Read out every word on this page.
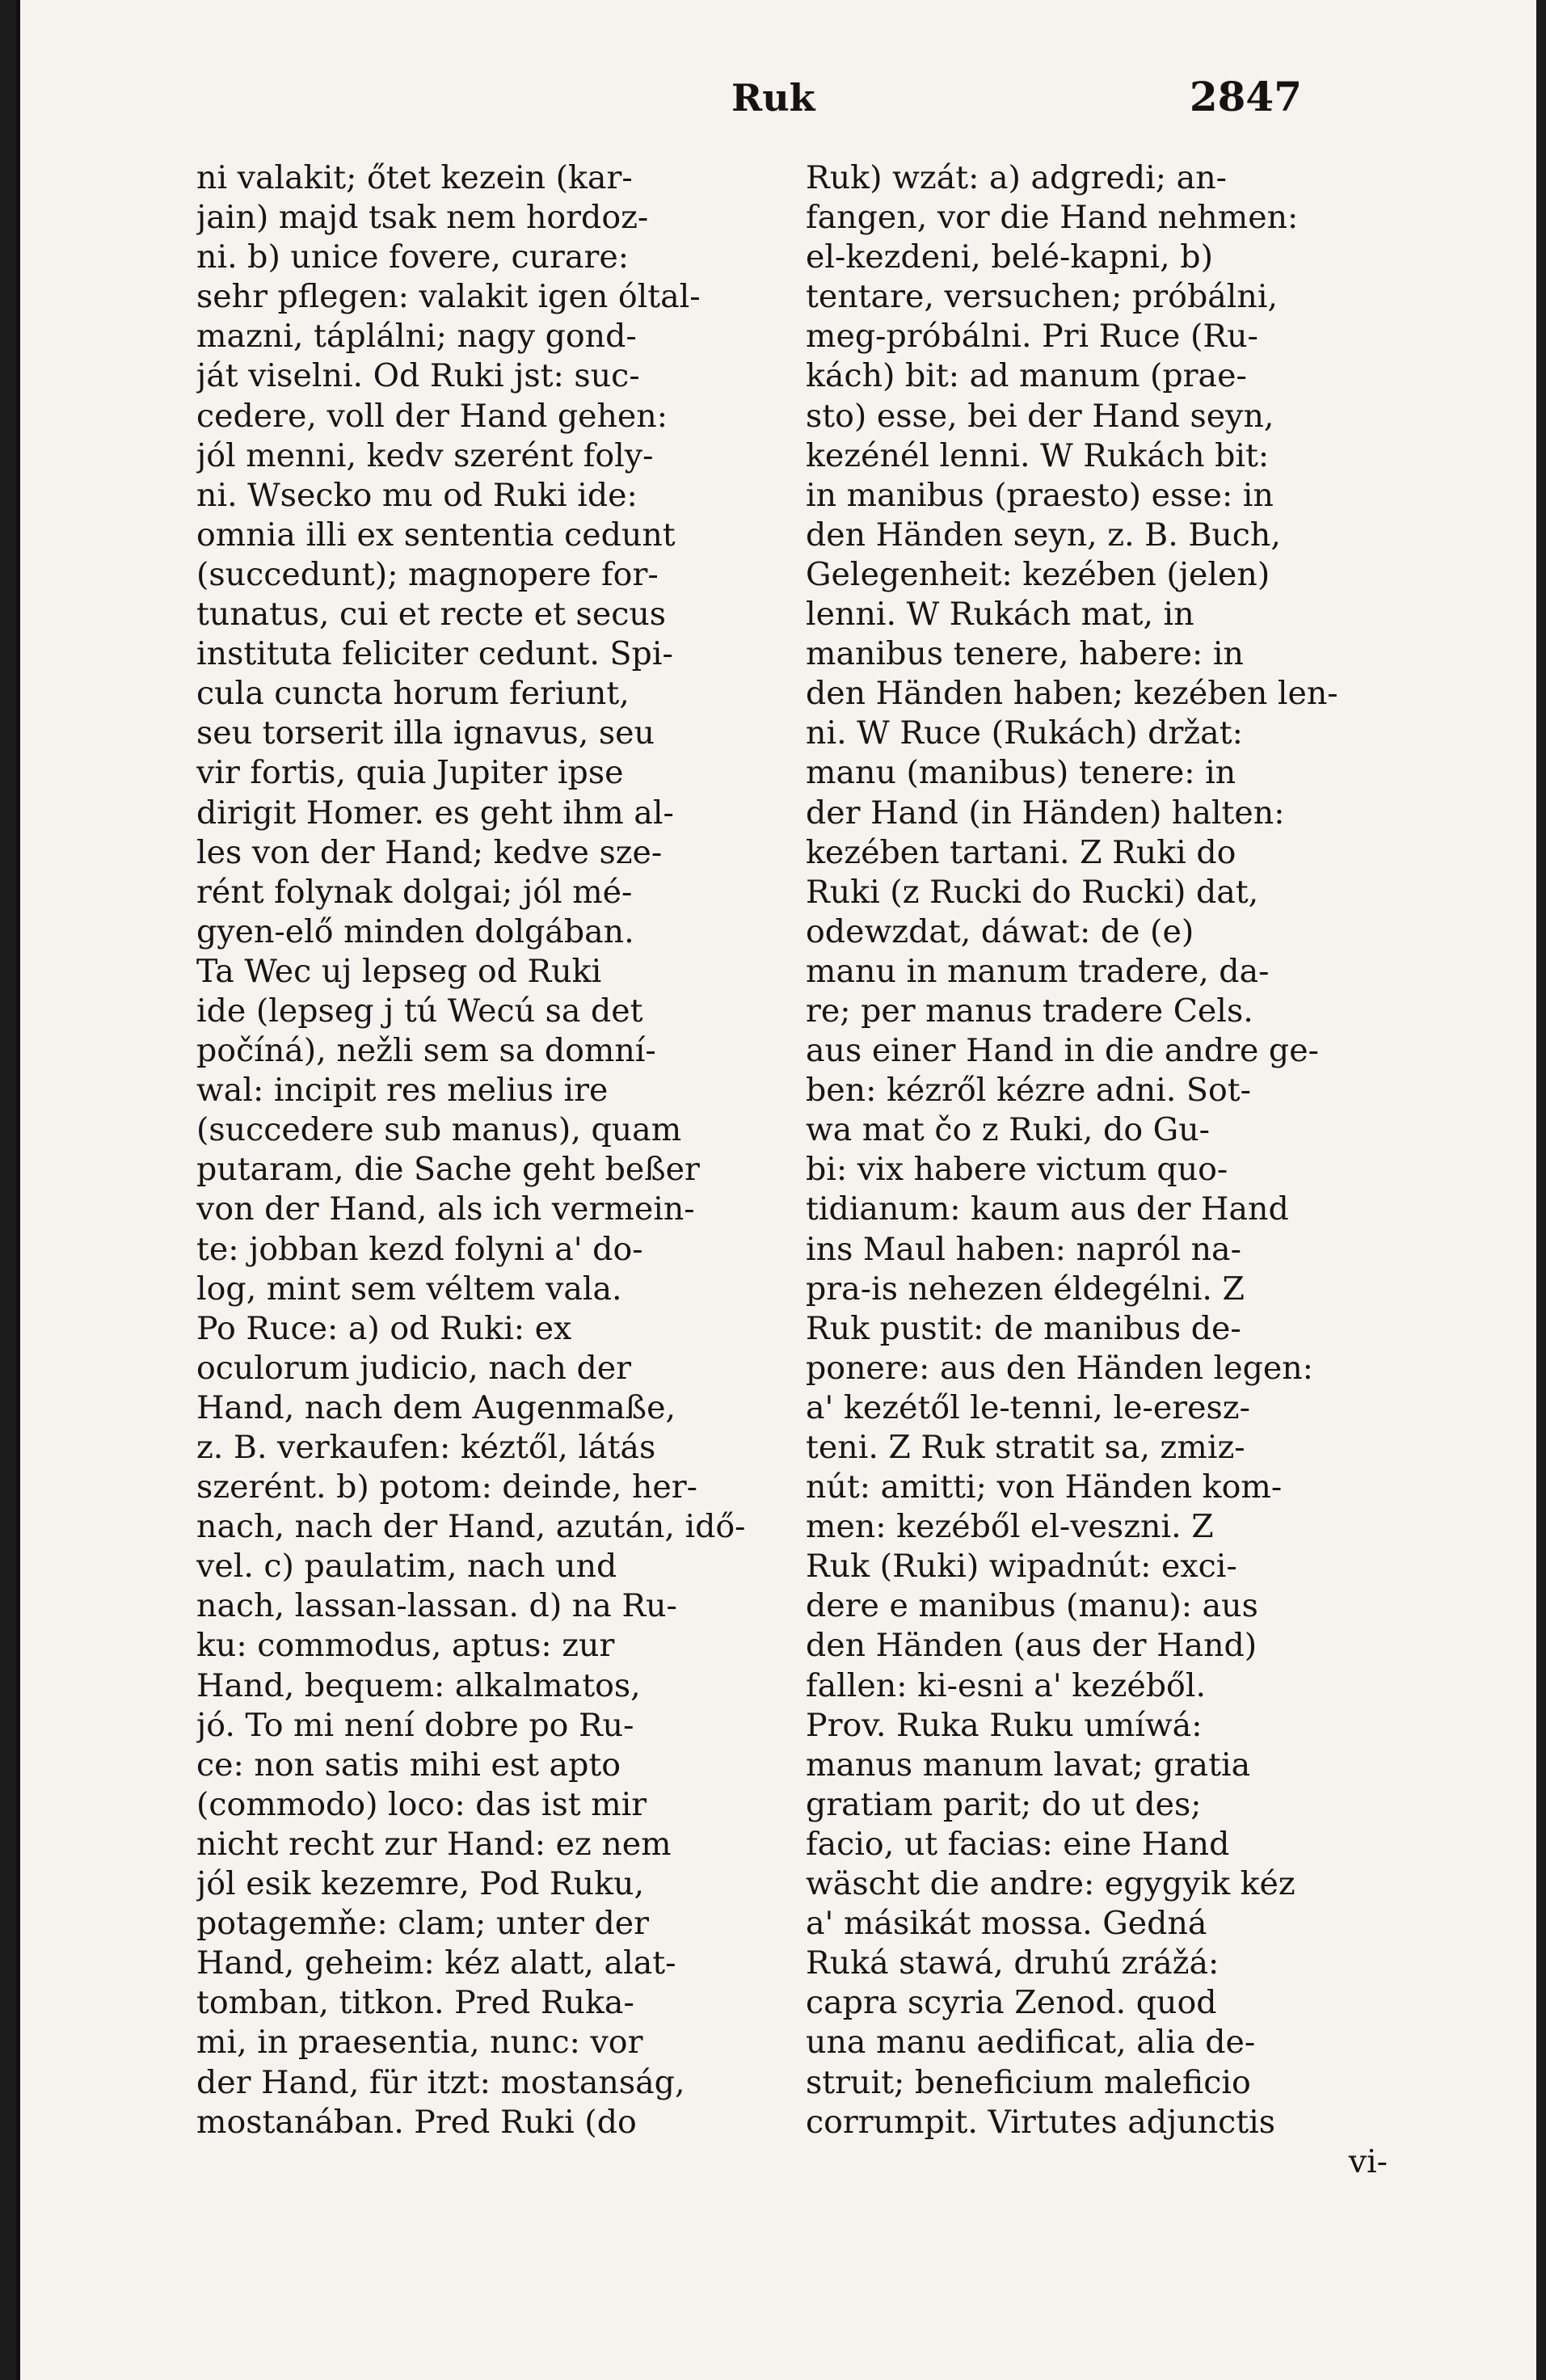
Ruk	2847
ni valakit; őtet kezein (kar-
jain) majd tsak nem hordoz-
ni. b) unice fovere, curare:
sehr pflegen: valakit igen óltal-
mazni, táplálni; nagy gond-
ját viselni. Od Ruki jst: suc-
cedere, voll der Hand gehen:
jól menni, kedv szerént foly-
ni. Wsecko mu od Ruki ide:
omnia illi ex sententia cedunt
(succedunt); magnopere for-
tunatus, cui et recte et secus
instituta feliciter cedunt. Spi-
cula cuncta horum feriunt,
seu torserit illa ignavus, seu
vir fortis, quia Jupiter ipse
dirigit Homer. es geht ihm al-
les von der Hand; kedve sze-
rént folynak dolgai; jól mé-
gyen-elő minden dolgában.
Ta Wec uj lepseg od Ruki
ide (lepseg j tú Wecú sa det
počíná), nežli sem sa domní-
wal: incipit res melius ire
(succedere sub manus), quam
putaram, die Sache geht beßer
von der Hand, als ich vermein-
te: jobban kezd folyni a' do-
log, mint sem véltem vala.
Po Ruce: a) od Ruki: ex
oculorum judicio, nach der
Hand, nach dem Augenmaße,
z. B. verkaufen: kéztől, látás
szerént. b) potom: deinde, her-
nach, nach der Hand, azután, idő-
vel. c) paulatim, nach und
nach, lassan-lassan. d) na Ru-
ku: commodus, aptus: zur
Hand, bequem: alkalmatos,
jó. To mi není dobre po Ru-
ce: non satis mihi est apto
(commodo) loco: das ist mir
nicht recht zur Hand: ez nem
jól esik kezemre, Pod Ruku,
potagemňe: clam; unter der
Hand, geheim: kéz alatt, alat-
tomban, titkon. Pred Ruka-
mi, in praesentia, nunc: vor
der Hand, für itzt: mostanság,
mostanában. Pred Ruki (do
Ruk) wzát: a) adgredi; an-
fangen, vor die Hand nehmen:
el-kezdeni, belé-kapni, b)
tentare, versuchen; próbálni,
meg-próbálni. Pri Ruce (Ru-
kách) bit: ad manum (prae-
sto) esse, bei der Hand seyn,
kezénél lenni. W Rukách bit:
in manibus (praesto) esse: in
den Händen seyn, z. B. Buch,
Gelegenheit: kezében (jelen)
lenni. W Rukách mat, in
manibus tenere, habere: in
den Händen haben; kezében len-
ni. W Ruce (Rukách) držat:
manu (manibus) tenere: in
der Hand (in Händen) halten:
kezében tartani. Z Ruki do
Ruki (z Rucki do Rucki) dat,
odewzdat, dáwat: de (e)
manu in manum tradere, da-
re; per manus tradere Cels.
aus einer Hand in die andre ge-
ben: kézről kézre adni. Sot-
wa mat čo z Ruki, do Gu-
bi: vix habere victum quo-
tidianum: kaum aus der Hand
ins Maul haben: napról na-
pra-is nehezen éldegélni. Z
Ruk pustit: de manibus de-
ponere: aus den Händen legen:
a' kezétől le-tenni, le-eresz-
teni. Z Ruk stratit sa, zmiz-
nút: amitti; von Händen kom-
men: kezéből el-veszni. Z
Ruk (Ruki) wipadnút: exci-
dere e manibus (manu): aus
den Händen (aus der Hand)
fallen: ki-esni a' kezéből.
Prov. Ruka Ruku umíwá:
manus manum lavat; gratia
gratiam parit; do ut des;
facio, ut facias: eine Hand
wäscht die andre: egygyik kéz
a' másikát mossa. Gedná
Ruká stawá, druhú zrážá:
capra scyria Zenod. quod
una manu aedificat, alia de-
struit; beneficium maleficio
corrumpit. Virtutes adjunctis
vi-
